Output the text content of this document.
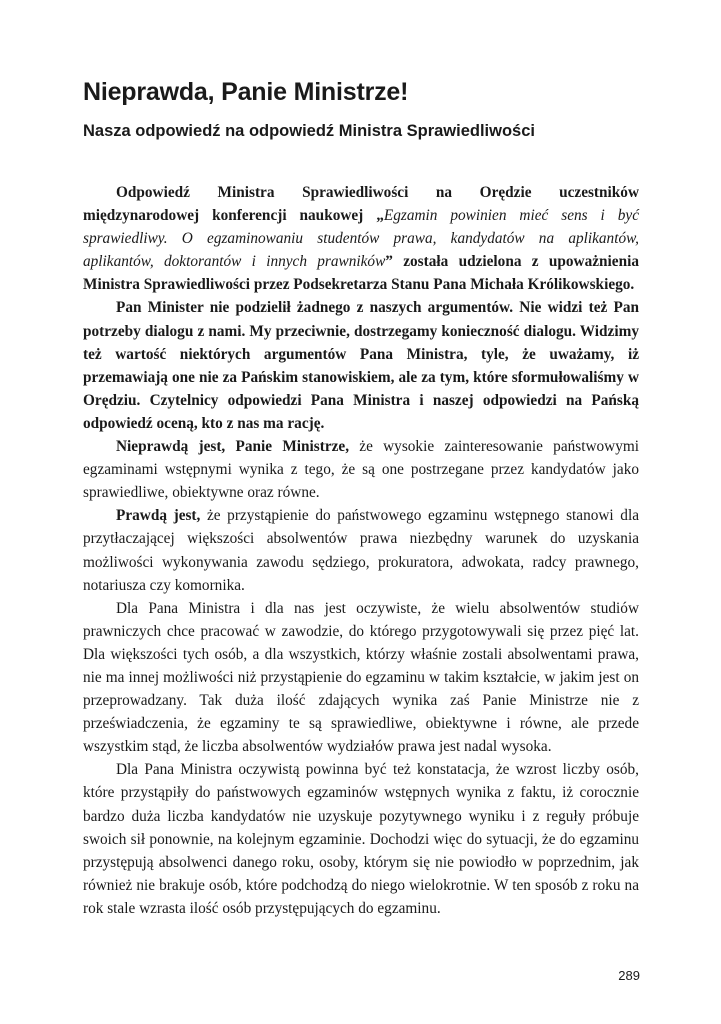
Nieprawda, Panie Ministrze!
Nasza odpowiedź na odpowiedź Ministra Sprawiedliwości

Odpowiedź Ministra Sprawiedliwości na Orędzie uczestników międzynarodowej konferencji naukowej „Egzamin powinien mieć sens i być sprawiedliwy. O egzaminowaniu studentów prawa, kandydatów na aplikantów, aplikantów, doktorantów i innych prawników” została udzielona z upoważnienia Ministra Sprawiedliwości przez Podsekretarza Stanu Pana Michała Królikowskiego.

Pan Minister nie podzielił żadnego z naszych argumentów. Nie widzi też Pan potrzeby dialogu z nami. My przeciwnie, dostrzegamy konieczność dialogu. Widzimy też wartość niektórych argumentów Pana Ministra, tyle, że uważamy, iż przemawiają one nie za Pańskim stanowiskiem, ale za tym, które sformułowaliśmy w Orędziu. Czytelnicy odpowiedzi Pana Ministra i naszej odpowiedzi na Pańską odpowiedź oceną, kto z nas ma rację.

Nieprawdą jest, Panie Ministrze, że wysokie zainteresowanie państwowymi egzaminami wstępnymi wynika z tego, że są one postrzegane przez kandydatów jako sprawiedliwe, obiektywne oraz równe.

Prawdą jest, że przystąpienie do państwowego egzaminu wstępnego stanowi dla przytłaczającej większości absolwentów prawa niezbędny warunek do uzyskania możliwości wykonywania zawodu sędziego, prokuratora, adwokata, radcy prawnego, notariusza czy komornika.

Dla Pana Ministra i dla nas jest oczywiste, że wielu absolwentów studiów prawniczych chce pracować w zawodzie, do którego przygotowywali się przez pięć lat. Dla większości tych osób, a dla wszystkich, którzy właśnie zostali absolwentami prawa, nie ma innej możliwości niż przystąpienie do egzaminu w takim kształcie, w jakim jest on przeprowadzany. Tak duża ilość zdających wynika zaś Panie Ministrze nie z przeświadczenia, że egzaminy te są sprawiedliwe, obiektywne i równe, ale przede wszystkim stąd, że liczba absolwentów wydziałów prawa jest nadal wysoka.

Dla Pana Ministra oczywistą powinna być też konstatacja, że wzrost liczby osób, które przystąpiły do państwowych egzaminów wstępnych wynika z faktu, iż corocznie bardzo duża liczba kandydatów nie uzyskuje pozytywnego wyniku i z reguły próbuje swoich sił ponownie, na kolejnym egzaminie. Dochodzi więc do sytuacji, że do egzaminu przystępują absolwenci danego roku, osoby, którym się nie powiodło w poprzednim, jak również nie brakuje osób, które podchodzą do niego wielokrotnie. W ten sposób z roku na rok stale wzrasta ilość osób przystępujących do egzaminu.

289
